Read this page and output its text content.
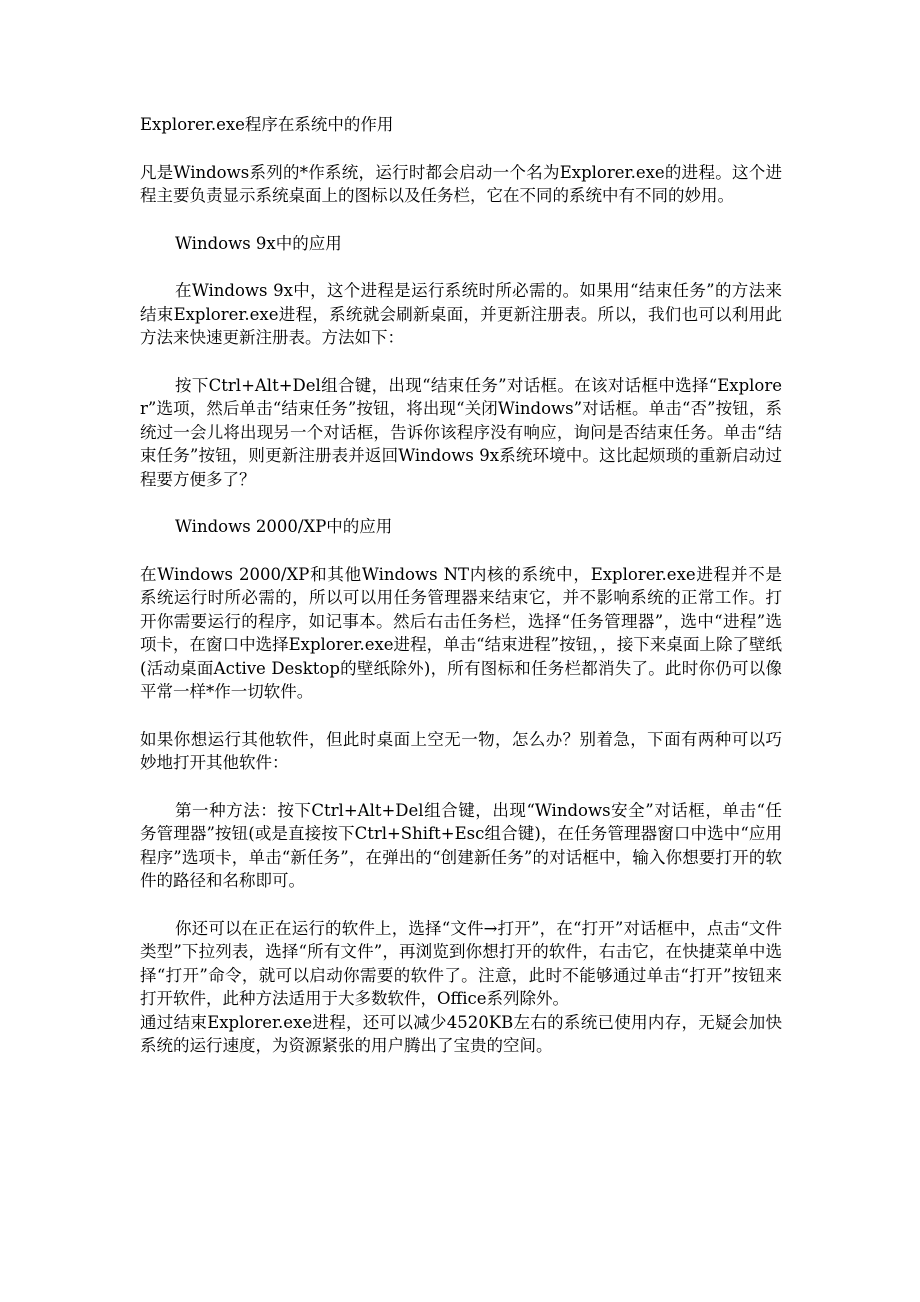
Explorer.exe程序在系统中的作用

凡是Windows系列的*作系统，运行时都会启动一个名为Explorer.exe的进程。这个进程主要负责显示系统桌面上的图标以及任务栏，它在不同的系统中有不同的妙用。

Windows 9x中的应用

在Windows 9x中，这个进程是运行系统时所必需的。如果用“结束任务”的方法来结束Explorer.exe进程，系统就会刷新桌面，并更新注册表。所以，我们也可以利用此方法来快速更新注册表。方法如下：

按下Ctrl+Alt+Del组合键，出现“结束任务”对话框。在该对话框中选择“Explorer”选项，然后单击“结束任务”按钮，将出现“关闭Windows”对话框。单击“否”按钮，系统过一会儿将出现另一个对话框，告诉你该程序没有响应，询问是否结束任务。单击“结束任务”按钮，则更新注册表并返回Windows 9x系统环境中。这比起烦琐的重新启动过程要方便多了？

Windows 2000/XP中的应用

在Windows 2000/XP和其他Windows NT内核的系统中，Explorer.exe进程并不是系统运行时所必需的，所以可以用任务管理器来结束它，并不影响系统的正常工作。打开你需要运行的程序，如记事本。然后右击任务栏，选择“任务管理器”，选中“进程”选项卡，在窗口中选择Explorer.exe进程，单击“结束进程”按钮，，接下来桌面上除了壁纸(活动桌面Active Desktop的壁纸除外)，所有图标和任务栏都消失了。此时你仍可以像平常一样*作一切软件。

如果你想运行其他软件，但此时桌面上空无一物，怎么办？别着急，下面有两种可以巧妙地打开其他软件：

第一种方法：按下Ctrl+Alt+Del组合键，出现“Windows安全”对话框，单击“任务管理器”按钮(或是直接按下Ctrl+Shift+Esc组合键)，在任务管理器窗口中选中“应用程序”选项卡，单击“新任务”，在弹出的“创建新任务”的对话框中，输入你想要打开的软件的路径和名称即可。

你还可以在正在运行的软件上，选择“文件→打开”，在“打开”对话框中，点击“文件类型”下拉列表，选择“所有文件”，再浏览到你想打开的软件，右击它，在快捷菜单中选择“打开”命令，就可以启动你需要的软件了。注意，此时不能够通过单击“打开”按钮来打开软件，此种方法适用于大多数软件，Office系列除外。

通过结束Explorer.exe进程，还可以减少4520KB左右的系统已使用内存，无疑会加快系统的运行速度，为资源紧张的用户腾出了宝贵的空间。
